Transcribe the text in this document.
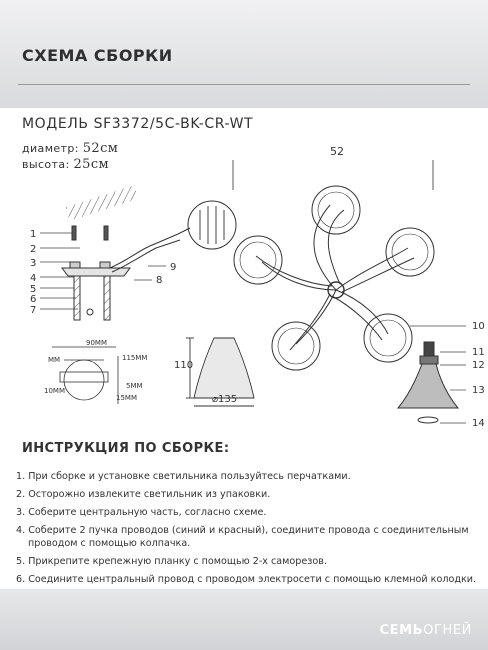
СХЕМА СБОРКИ
МОДЕЛЬ SF3372/5C-BK-CR-WT
диаметр: 52см
высота: 25см
52
1
2
3
4
5
6
7
8
9
10
11
12
13
14
90MM
115MM
MM
10MM
5MM
15MM
110
⌀135
ИНСТРУКЦИЯ ПО СБОРКЕ:
1. При сборке и установке светильника пользуйтесь перчатками.
2. Осторожно извлеките светильник из упаковки.
3. Соберите центральную часть, согласно схеме.
4. Соберите 2 пучка проводов (синий и красный), соедините провода с соединительным
проводом с помощью колпачка.
5. Прикрепите крепежную планку с помощью 2-х саморезов.
6. Соедините центральный провод с проводом электросети с помощью клемной колодки.
СЕМЬОГНЕЙ
